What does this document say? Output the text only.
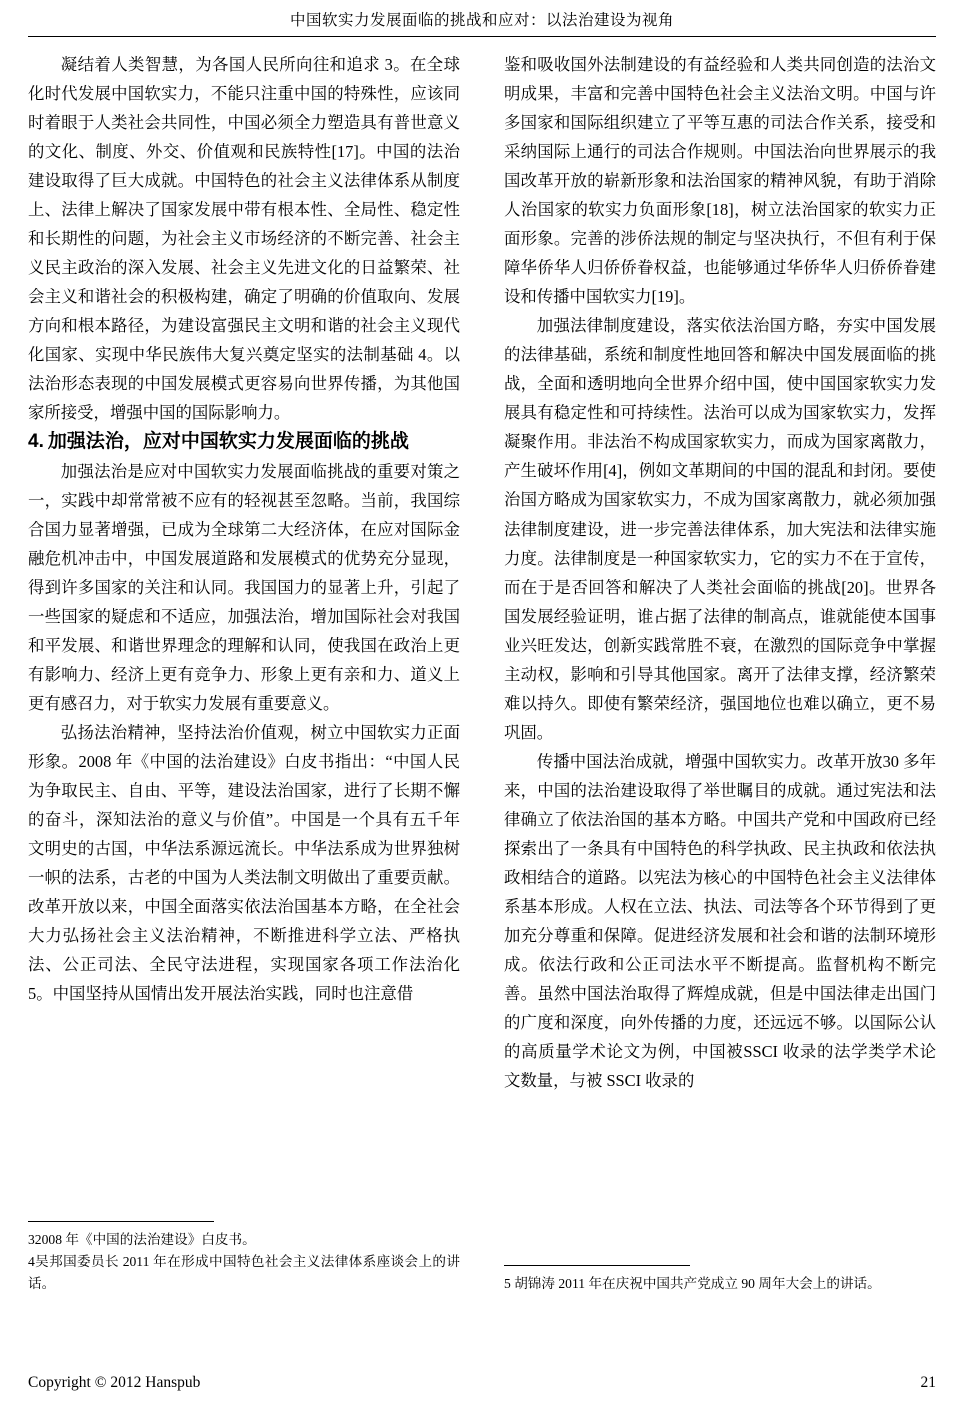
中国软实力发展面临的挑战和应对：以法治建设为视角

凝结着人类智慧，为各国人民所向往和追求 3。在全球化时代发展中国软实力，不能只注重中国的特殊性，应该同时着眼于人类社会共同性，中国必须全力塑造具有普世意义的文化、制度、外交、价值观和民族特性[17]。中国的法治建设取得了巨大成就。中国特色的社会主义法律体系从制度上、法律上解决了国家发展中带有根本性、全局性、稳定性和长期性的问题，为社会主义市场经济的不断完善、社会主义民主政治的深入发展、社会主义先进文化的日益繁荣、社会主义和谐社会的积极构建，确定了明确的价值取向、发展方向和根本路径，为建设富强民主文明和谐的社会主义现代化国家、实现中华民族伟大复兴奠定坚实的法制基础 4。以法治形态表现的中国发展模式更容易向世界传播，为其他国家所接受，增强中国的国际影响力。

4. 加强法治，应对中国软实力发展面临的挑战

加强法治是应对中国软实力发展面临挑战的重要对策之一，实践中却常常被不应有的轻视甚至忽略。当前，我国综合国力显著增强，已成为全球第二大经济体，在应对国际金融危机冲击中，中国发展道路和发展模式的优势充分显现，得到许多国家的关注和认同。我国国力的显著上升，引起了一些国家的疑虑和不适应，加强法治，增加国际社会对我国和平发展、和谐世界理念的理解和认同，使我国在政治上更有影响力、经济上更有竞争力、形象上更有亲和力、道义上更有感召力，对于软实力发展有重要意义。

弘扬法治精神，坚持法治价值观，树立中国软实力正面形象。2008 年《中国的法治建设》白皮书指出：“中国人民为争取民主、自由、平等，建设法治国家，进行了长期不懈的奋斗，深知法治的意义与价值”。中国是一个具有五千年文明史的古国，中华法系源远流长。中华法系成为世界独树一帜的法系，古老的中国为人类法制文明做出了重要贡献。改革开放以来，中国全面落实依法治国基本方略，在全社会大力弘扬社会主义法治精神，不断推进科学立法、严格执法、公正司法、全民守法进程，实现国家各项工作法治化 5。中国坚持从国情出发开展法治实践，同时也注意借

32008 年《中国的法治建设》白皮书。

4吴邦国委员长 2011 年在形成中国特色社会主义法律体系座谈会上的讲话。

鉴和吸收国外法制建设的有益经验和人类共同创造的法治文明成果，丰富和完善中国特色社会主义法治文明。中国与许多国家和国际组织建立了平等互惠的司法合作关系，接受和采纳国际上通行的司法合作规则。中国法治向世界展示的我国改革开放的崭新形象和法治国家的精神风貌，有助于消除人治国家的软实力负面形象[18]，树立法治国家的软实力正面形象。完善的涉侨法规的制定与坚决执行，不但有利于保障华侨华人归侨侨眷权益，也能够通过华侨华人归侨侨眷建设和传播中国软实力[19]。

加强法律制度建设，落实依法治国方略，夯实中国发展的法律基础，系统和制度性地回答和解决中国发展面临的挑战，全面和透明地向全世界介绍中国，使中国国家软实力发展具有稳定性和可持续性。法治可以成为国家软实力，发挥凝聚作用。非法治不构成国家软实力，而成为国家离散力，产生破坏作用[4]，例如文革期间的中国的混乱和封闭。要使治国方略成为国家软实力，不成为国家离散力，就必须加强法律制度建设，进一步完善法律体系，加大宪法和法律实施力度。法律制度是一种国家软实力，它的实力不在于宣传，而在于是否回答和解决了人类社会面临的挑战[20]。世界各国发展经验证明，谁占据了法律的制高点，谁就能使本国事业兴旺发达，创新实践常胜不衰，在激烈的国际竞争中掌握主动权，影响和引导其他国家。离开了法律支撑，经济繁荣难以持久。即使有繁荣经济，强国地位也难以确立，更不易巩固。

传播中国法治成就，增强中国软实力。改革开放30 多年来，中国的法治建设取得了举世瞩目的成就。通过宪法和法律确立了依法治国的基本方略。中国共产党和中国政府已经探索出了一条具有中国特色的科学执政、民主执政和依法执政相结合的道路。以宪法为核心的中国特色社会主义法律体系基本形成。人权在立法、执法、司法等各个环节得到了更加充分尊重和保障。促进经济发展和社会和谐的法制环境形成。依法行政和公正司法水平不断提高。监督机构不断完善。虽然中国法治取得了辉煌成就，但是中国法律走出国门的广度和深度，向外传播的力度，还远远不够。以国际公认的高质量学术论文为例，中国被SSCI 收录的法学类学术论文数量，与被 SSCI 收录的

5 胡锦涛 2011 年在庆祝中国共产党成立 90 周年大会上的讲话。

Copyright © 2012 Hanspub	21
